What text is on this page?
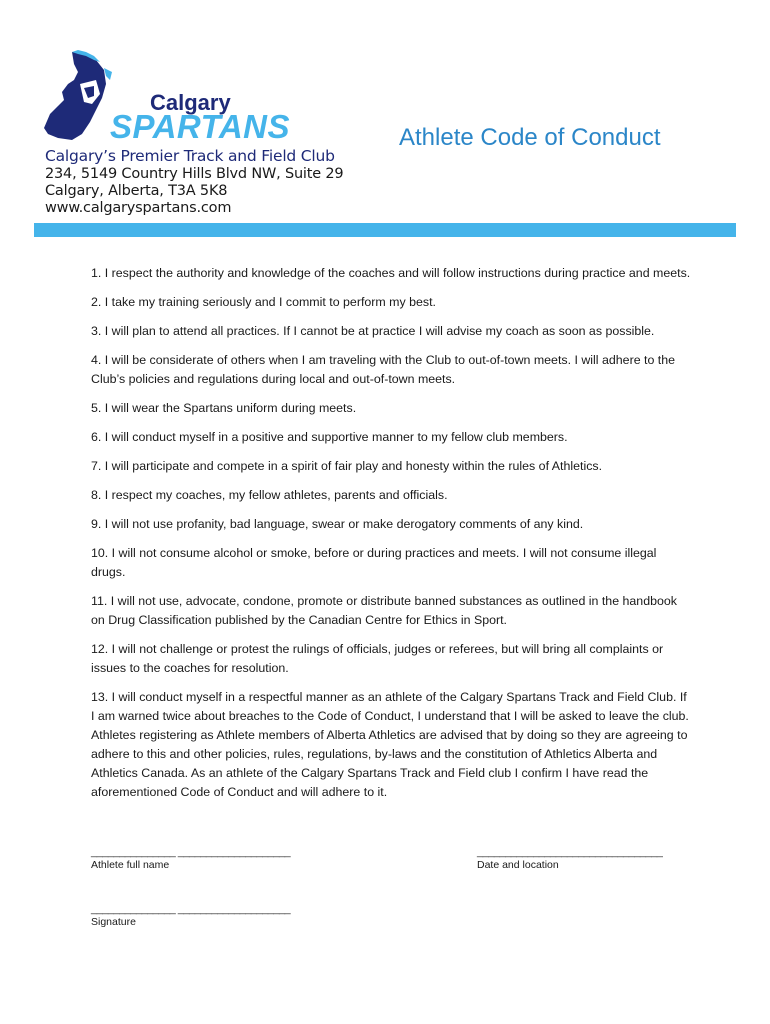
Calgary
SPARTANS
Calgary’s Premier Track and Field Club
234, 5149 Country Hills Blvd NW, Suite 29
Calgary, Alberta, T3A 5K8
www.calgaryspartans.com
Athlete Code of Conduct

1. I respect the authority and knowledge of the coaches and will follow instructions during practice and meets.

2. I take my training seriously and I commit to perform my best.

3. I will plan to attend all practices. If I cannot be at practice I will advise my coach as soon as possible.

4. I will be considerate of others when I am traveling with the Club to out-of-town meets. I will adhere to the Club’s policies and regulations during local and out-of-town meets.

5. I will wear the Spartans uniform during meets.

6. I will conduct myself in a positive and supportive manner to my fellow club members.

7. I will participate and compete in a spirit of fair play and honesty within the rules of Athletics.

8. I respect my coaches, my fellow athletes, parents and officials.

9. I will not use profanity, bad language, swear or make derogatory comments of any kind.

10. I will not consume alcohol or smoke, before or during practices and meets. I will not consume illegal drugs.

11. I will not use, advocate, condone, promote or distribute banned substances as outlined in the handbook on Drug Classification published by the Canadian Centre for Ethics in Sport.

12. I will not challenge or protest the rulings of officials, judges or referees, but will bring all complaints or issues to the coaches for resolution.

13. I will conduct myself in a respectful manner as an athlete of the Calgary Spartans Track and Field Club. If I am warned twice about breaches to the Code of Conduct, I understand that I will be asked to leave the club. Athletes registering as Athlete members of Alberta Athletics are advised that by doing so they are agreeing to adhere to this and other policies, rules, regulations, by-laws and the constitution of Athletics Alberta and Athletics Canada. As an athlete of the Calgary Spartans Track and Field club I confirm I have read the aforementioned Code of Conduct and will adhere to it.

_______________ ____________________
Athlete full name
_________________________________
Date and location
_______________ ____________________
Signature
